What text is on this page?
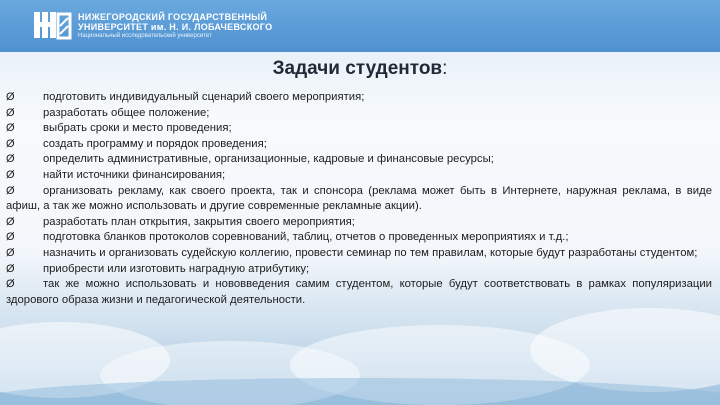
НИЖЕГОРОДСКИЙ ГОСУДАРСТВЕННЫЙ
УНИВЕРСИТЕТ им. Н. И. ЛОБАЧЕВСКОГО
Национальный исследовательский университет
Задачи студентов:

Ø	подготовить индивидуальный сценарий своего мероприятия;

Ø	разработать общее положение;

Ø	выбрать сроки и место проведения;

Ø	создать программу и порядок проведения;

Ø	определить административные, организационные, кадровые и финансовые ресурсы;

Ø	найти источники финансирования;

Ø	организовать рекламу, как своего проекта, так и спонсора (реклама может быть в Интернете, наружная реклама, в виде афиш, а так же можно использовать и другие современные рекламные акции).

Ø	разработать план открытия, закрытия своего мероприятия;

Ø	подготовка бланков протоколов соревнований, таблиц, отчетов о проведенных мероприятиях и т.д.;

Ø	назначить и организовать судейскую коллегию, провести семинар по тем правилам, которые будут разработаны студентом;

Ø	приобрести или изготовить наградную атрибутику;

Ø	так же можно использовать и нововведения самим студентом, которые будут соответствовать в рамках популяризации здорового образа жизни и педагогической деятельности.
